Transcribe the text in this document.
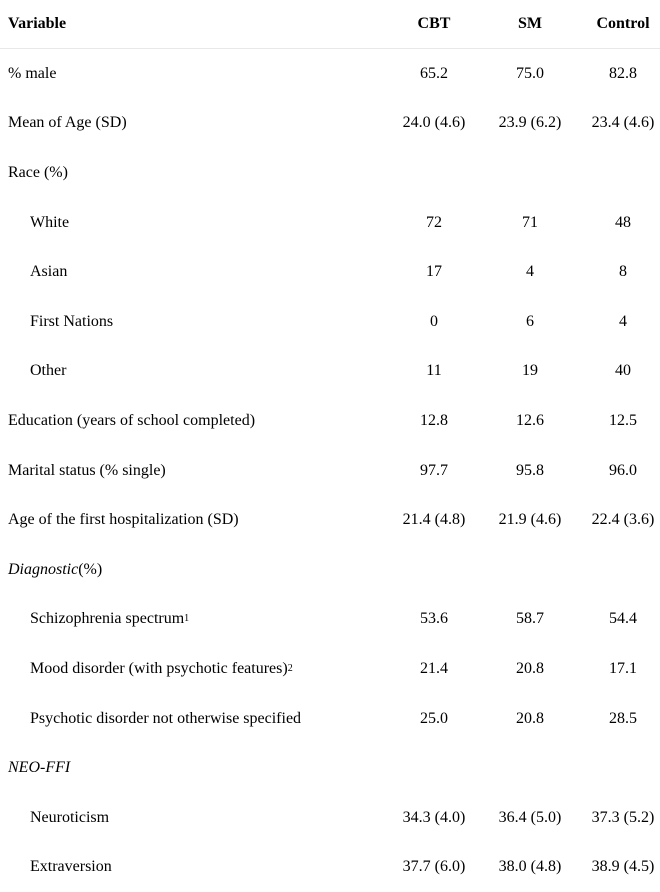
Variable	CBT	SM	Control
% male	65.2	75.0	82.8
Mean of Age (SD)	24.0 (4.6)	23.9 (6.2)	23.4 (4.6)
Race (%)
White	72	71	48
Asian	17	4	8
First Nations	0	6	4
Other	11	19	40
Education (years of school completed)	12.8	12.6	12.5
Marital status (% single)	97.7	95.8	96.0
Age of the first hospitalization (SD)	21.4 (4.8)	21.9 (4.6)	22.4 (3.6)
Diagnostic (%)
Schizophrenia spectrum 1	53.6	58.7	54.4
Mood disorder (with psychotic features) 2	21.4	20.8	17.1
Psychotic disorder not otherwise specified	25.0	20.8	28.5
NEO-FFI
Neuroticism	34.3 (4.0)	36.4 (5.0)	37.3 (5.2)
Extraversion	37.7 (6.0)	38.0 (4.8)	38.9 (4.5)
